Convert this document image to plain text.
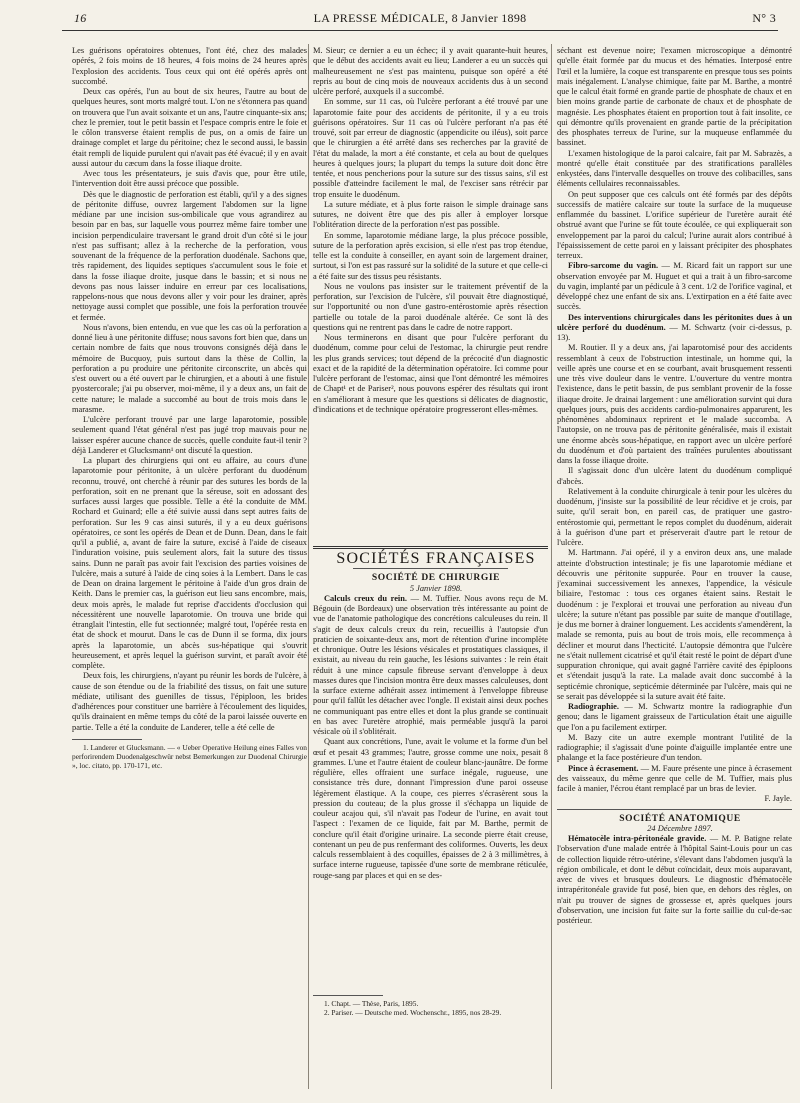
16	LA PRESSE MÉDICALE, 8 Janvier 1898	N° 3

Les guérisons opératoires obtenues, l'ont été, chez des malades opérés, 2 fois moins de 18 heures, 4 fois moins de 24 heures après l'explosion des accidents. Tous ceux qui ont été opérés après ont succombé.

Deux cas opérés, l'un au bout de six heures, l'autre au bout de quelques heures, sont morts malgré tout. L'on ne s'étonnera pas quand on trouvera que l'un avait soixante et un ans, l'autre cinquante-six ans; chez le premier, tout le petit bassin et l'espace compris entre le foie et le côlon transverse étaient remplis de pus, on a omis de faire un drainage complet et large du péritoine; chez le second aussi, le bassin était rempli de liquide purulent qui n'avait pas été évacué; il y en avait aussi autour du cæcum dans la fosse iliaque droite.

Avec tous les présentateurs, je suis d'avis que, pour être utile, l'intervention doit être aussi précoce que possible.

Dès que le diagnostic de perforation est établi, qu'il y a des signes de péritonite diffuse, ouvrez largement l'abdomen sur la ligne médiane par une incision sus-ombilicale que vous agrandirez au besoin par en bas, sur laquelle vous pourrez même faire tomber une incision perpendiculaire traversant le grand droit d'un côté si le jour n'est pas suffisant; allez à la recherche de la perforation, vous souvenant de la fréquence de la perforation duodénale. Sachons que, très rapidement, des liquides septiques s'accumulent sous le foie et dans la fosse iliaque droite, jusque dans le bassin; et si nous ne devons pas nous laisser induire en erreur par ces localisations, rappelons-nous que nous devons aller y voir pour les drainer, après nettoyage aussi complet que possible, une fois la perforation trouvée et fermée.

Nous n'avons, bien entendu, en vue que les cas où la perforation a donné lieu à une péritonite diffuse; nous savons fort bien que, dans un certain nombre de faits que nous trouvons consignés déjà dans le mémoire de Bucquoy, puis surtout dans la thèse de Collin, la perforation a pu produire une péritonite circonscrite, un abcès qui s'est ouvert ou a été ouvert par le chirurgien, et a abouti à une fistule pyostercorale; j'ai pu observer, moi-même, il y a deux ans, un fait de cette nature; le malade a succombé au bout de trois mois dans le marasme.

L'ulcère perforant trouvé par une large laparotomie, possible seulement quand l'état général n'est pas jugé trop mauvais pour ne laisser espérer aucune chance de succès, quelle conduite faut-il tenir ? déjà Landerer et Glucksmann¹ ont discuté la question.

La plupart des chirurgiens qui ont eu affaire, au cours d'une laparotomie pour péritonite, à un ulcère perforant du duodénum reconnu, trouvé, ont cherché à réunir par des sutures les bords de la perforation, soit en ne prenant que la séreuse, soit en adossant des surfaces aussi larges que possible. Telle a été la conduite de MM. Rochard et Guinard; elle a été suivie aussi dans sept autres faits de perforation. Sur les 9 cas ainsi suturés, il y a eu deux guérisons opératoires, ce sont les opérés de Dean et de Dunn. Dean, dans le fait qu'il a publié, a, avant de faire la suture, excisé à l'aide de ciseaux l'induration voisine, puis seulement alors, fait la suture des tissus sains. Dunn ne paraît pas avoir fait l'excision des parties voisines de l'ulcère, mais a suturé à l'aide de cinq soies à la Lembert. Dans le cas de Dean on draina largement le péritoine à l'aide d'un gros drain de Keith. Dans le premier cas, la guérison eut lieu sans encombre, mais, deux mois après, le malade fut reprise d'accidents d'occlusion qui nécessitèrent une nouvelle laparotomie. On trouva une bride qui étranglait l'intestin, elle fut sectionnée; malgré tout, l'opérée resta en état de shock et mourut. Dans le cas de Dunn il se forma, dix jours après la laparotomie, un abcès sus-hépatique qui s'ouvrit heureusement, et après lequel la guérison survint, et paraît avoir été complète.

Deux fois, les chirurgiens, n'ayant pu réunir les bords de l'ulcère, à cause de son étendue ou de la friabilité des tissus, on fait une suture médiate, utilisant des guenilles de tissus, l'épiploon, les brides d'adhérences pour constituer une barrière à l'écoulement des liquides, qu'ils drainaient en même temps du côté de la paroi laissée ouverte en partie. Telle a été la conduite de Landerer, telle a été celle de

1. Landerer et Glucksmann. — « Ueber Operative Heilung eines Falles von perforirendem Duodenalgeschwür nebst Bemerkungen zur Duodenal Chirurgie », loc. citato, pp. 170-171, etc.

M. Sieur; ce dernier a eu un échec; il y avait quarante-huit heures, que le début des accidents avait eu lieu; Landerer a eu un succès qui malheureusement ne s'est pas maintenu, puisque son opéré a été repris au bout de cinq mois de nouveaux accidents dus à un second ulcère perforé, auxquels il a succombé.

En somme, sur 11 cas, où l'ulcère perforant a été trouvé par une laparotomie faite pour des accidents de péritonite, il y a eu trois guérisons opératoires. Sur 11 cas où l'ulcère perforant n'a pas été trouvé, soit par erreur de diagnostic (appendicite ou iléus), soit parce que le chirurgien a été arrêté dans ses recherches par la gravité de l'état du malade, la mort a été constante, et cela au bout de quelques heures à quelques jours; la plupart du temps la suture doit donc être tentée, et nous pencherions pour la suture sur des tissus sains, s'il est possible d'atteindre facilement le mal, de l'exciser sans rétrécir par trop ensuite le duodénum.

La suture médiate, et à plus forte raison le simple drainage sans sutures, ne doivent être que des pis aller à employer lorsque l'oblitération directe de la perforation n'est pas possible.

En somme, laparotomie médiane large, la plus précoce possible, suture de la perforation après excision, si elle n'est pas trop étendue, telle est la conduite à conseiller, en ayant soin de largement drainer, surtout, si l'on est pas rassuré sur la solidité de la suture et que celle-ci a été faite sur des tissus peu résistants.

Nous ne voulons pas insister sur le traitement préventif de la perforation, sur l'excision de l'ulcère, s'il pouvait être diagnostiqué, sur l'opportunité ou non d'une gastro-entérostomie après résection partielle ou totale de la paroi duodénale altérée. Ce sont là des questions qui ne rentrent pas dans le cadre de notre rapport.

Nous terminerons en disant que pour l'ulcère perforant du duodénum, comme pour celui de l'estomac, la chirurgie peut rendre les plus grands services; tout dépend de la précocité d'un diagnostic exact et de la rapidité de la détermination opératoire. Ici comme pour l'ulcère perforant de l'estomac, ainsi que l'ont démontré les mémoires de Chapt¹ et de Pariser², nous pouvons espérer des résultats qui iront en s'améliorant à mesure que les questions si délicates de diagnostic, d'indications et de technique opératoire progresseront elles-mêmes.

SOCIÉTÉS FRANÇAISES

SOCIÉTÉ DE CHIRURGIE

5 Janvier 1898.

Calculs creux du rein. — M. Tuffier. Nous avons reçu de M. Bégouin (de Bordeaux) une observation très intéressante au point de vue de l'anatomie pathologique des concrétions calculeuses du rein. Il s'agit de deux calculs creux du rein, recueillis à l'autopsie d'un praticien de soixante-deux ans, mort de rétention d'urine incomplète et chronique. Outre les lésions vésicales et prostatiques classiques, il existait, au niveau du rein gauche, les lésions suivantes : le rein était réduit à une mince capsule fibreuse servant d'enveloppe à deux masses dures que l'incision montra être deux masses calculeuses, dont la surface externe adhérait assez intimement à l'enveloppe fibreuse pour qu'il fallût les détacher avec l'ongle. Il existait ainsi deux poches ne communiquant pas entre elles et dont la plus grande se continuait en bas avec l'uretère atrophié, mais perméable jusqu'à la paroi vésicale où il s'oblitérait.

Quant aux concrétions, l'une, avait le volume et la forme d'un bel œuf et pesait 43 grammes; l'autre, grosse comme une noix, pesait 8 grammes. L'une et l'autre étaient de couleur blanc-jaunâtre. De forme régulière, elles offraient une surface inégale, rugueuse, une consistance très dure, donnant l'impression d'une paroi osseuse légèrement élastique. A la coupe, ces pierres s'écrasèrent sous la pression du couteau; de la plus grosse il s'échappa un liquide de couleur acajou qui, s'il n'avait pas l'odeur de l'urine, en avait tout l'aspect : l'examen de ce liquide, fait par M. Barthe, permit de conclure qu'il était d'origine urinaire. La seconde pierre était creuse, contenant un peu de pus renfermant des coliformes. Ouverts, les deux calculs ressemblaient à des coquilles, épaisses de 2 à 3 millimètres, à surface interne rugueuse, tapissée d'une sorte de membrane réticulée, rouge-sang par places et qui en se des-

1. Chapt. — Thèse, Paris, 1895.

2. Pariser. — Deutsche med. Wochenschr., 1895, nos 28-29.

séchant est devenue noire; l'examen microscopique a démontré qu'elle était formée par du mucus et des hématies. Interposé entre l'œil et la lumière, la coque est transparente en presque tous ses points mais inégalement. L'analyse chimique, faite par M. Barthe, a montré que le calcul était formé en grande partie de phosphate de chaux et en bien moins grande partie de carbonate de chaux et de phosphate de magnésie. Les phosphates étaient en proportion tout à fait insolite, ce qui démontre qu'ils provenaient en grande partie de la précipitation des phosphates terreux de l'urine, sur la muqueuse enflammée du bassinet.

L'examen histologique de la paroi calcaire, fait par M. Sabrazès, a montré qu'elle était constituée par des stratifications parallèles enkystées, dans l'intervalle desquelles on trouve des colibacilles, sans éléments cellulaires reconnaissables.

On peut supposer que ces calculs ont été formés par des dépôts successifs de matière calcaire sur toute la surface de la muqueuse enflammée du bassinet. L'orifice supérieur de l'uretère aurait été obstrué avant que l'urine se fût toute écoulée, ce qui expliquerait son enveloppement par la paroi du calcul; l'urine aurait alors contribué à l'épaississement de cette paroi en y laissant précipiter des phosphates terreux.

Fibro-sarcome du vagin. — M. Ricard fait un rapport sur une observation envoyée par M. Huguet et qui a trait à un fibro-sarcome du vagin, implanté par un pédicule à 3 cent. 1/2 de l'orifice vaginal, et développé chez une enfant de six ans. L'extirpation en a été faite avec succès.

Des interventions chirurgicales dans les péritonites dues à un ulcère perforé du duodénum. — M. Schwartz (voir ci-dessus, p. 13).

M. Routier. Il y a deux ans, j'ai laparotomisé pour des accidents ressemblant à ceux de l'obstruction intestinale, un homme qui, la veille après une course et en se courbant, avait brusquement ressenti une très vive douleur dans le ventre. L'ouverture du ventre montra l'existence, dans le petit bassin, de pus semblant provenir de la fosse iliaque droite. Je drainai largement : une amélioration survint qui dura quelques jours, puis des accidents cardio-pulmonaires apparurent, les phénomènes abdominaux reprirent et le malade succomba. A l'autopsie, on ne trouva pas de péritonite généralisée, mais il existait une énorme abcès sous-hépatique, en rapport avec un ulcère perforé du duodénum et d'où partaient des traînées purulentes aboutissant dans la fosse iliaque droite.

Il s'agissait donc d'un ulcère latent du duodénum compliqué d'abcès.

Relativement à la conduite chirurgicale à tenir pour les ulcères du duodénum, j'insiste sur la possibilité de leur récidive et je crois, par suite, qu'il serait bon, en pareil cas, de pratiquer une gastro-entérostomie qui, permettant le repos complet du duodénum, aiderait à la guérison d'une part et préserverait d'autre part le retour de l'ulcère.

M. Hartmann. J'ai opéré, il y a environ deux ans, une malade atteinte d'obstruction intestinale; je fis une laparotomie médiane et découvris une péritonite suppurée. Pour en trouver la cause, j'examinai successivement les annexes, l'appendice, la vésicule biliaire, l'estomac : tous ces organes étaient sains. Restait le duodénum : je l'explorai et trouvai une perforation au niveau d'un ulcère; la suture n'étant pas possible par suite de manque d'outillage, je dus me borner à drainer longuement. Les accidents s'amendèrent, la malade se remonta, puis au bout de trois mois, elle recommença à décliner et mourut dans l'hecticité. L'autopsie démontra que l'ulcère ne s'était nullement cicatrisé et qu'il était resté le point de départ d'une suppuration chronique, qui avait gagné l'arrière cavité des épiploons et s'étendait jusqu'à la rate. La malade avait donc succombé à la septicémie chronique, septicémie déterminée par l'ulcère, mais qui ne se serait pas développée si la suture avait été faite.

Radiographie. — M. Schwartz montre la radiographie d'un genou; dans le ligament graisseux de l'articulation était une aiguille que l'on a pu facilement extirper.

M. Bazy cite un autre exemple montrant l'utilité de la radiographie; il s'agissait d'une pointe d'aiguille implantée entre une phalange et la face postérieure d'un tendon.

Pince à écrasement. — M. Faure présente une pince à écrasement des vaisseaux, du même genre que celle de M. Tuffier, mais plus facile à manier, l'écrou étant remplacé par un bras de levier.

F. Jayle.

SOCIÉTÉ ANATOMIQUE

24 Décembre 1897.

Hématocèle intra-péritonéale gravide. — M. P. Batigne relate l'observation d'une malade entrée à l'hôpital Saint-Louis pour un cas de collection liquide rétro-utérine, s'élevant dans l'abdomen jusqu'à la région ombilicale, et dont le début coïncidait, deux mois auparavant, avec de vives et brusques douleurs. Le diagnostic d'hématocèle intrapéritonéale gravide fut posé, bien que, en dehors des règles, on n'ait pu trouver de signes de grossesse et, après quelques jours d'observation, une incision fut faite sur la forte saillie du cul-de-sac postérieur.
